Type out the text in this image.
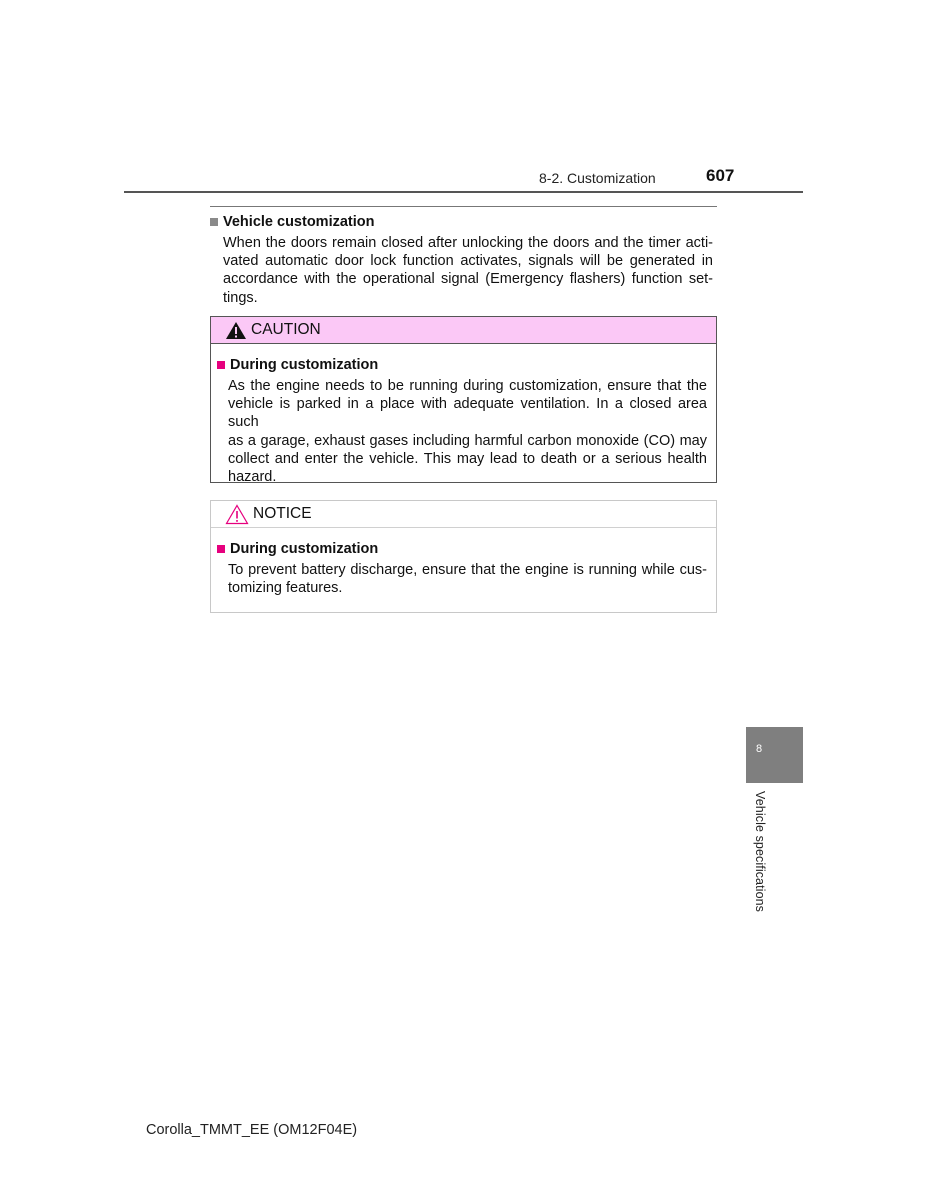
8-2. Customization	607
Vehicle customization
When the doors remain closed after unlocking the doors and the timer acti-
vated automatic door lock function activates, signals will be generated in
accordance with the operational signal (Emergency flashers) function set-
tings.
CAUTION
During customization
As the engine needs to be running during customization, ensure that the
vehicle is parked in a place with adequate ventilation. In a closed area such
as a garage, exhaust gases including harmful carbon monoxide (CO) may
collect and enter the vehicle. This may lead to death or a serious health
hazard.
NOTICE
During customization
To prevent battery discharge, ensure that the engine is running while cus-
tomizing features.
8
Vehicle specifications
Corolla_TMMT_EE (OM12F04E)
